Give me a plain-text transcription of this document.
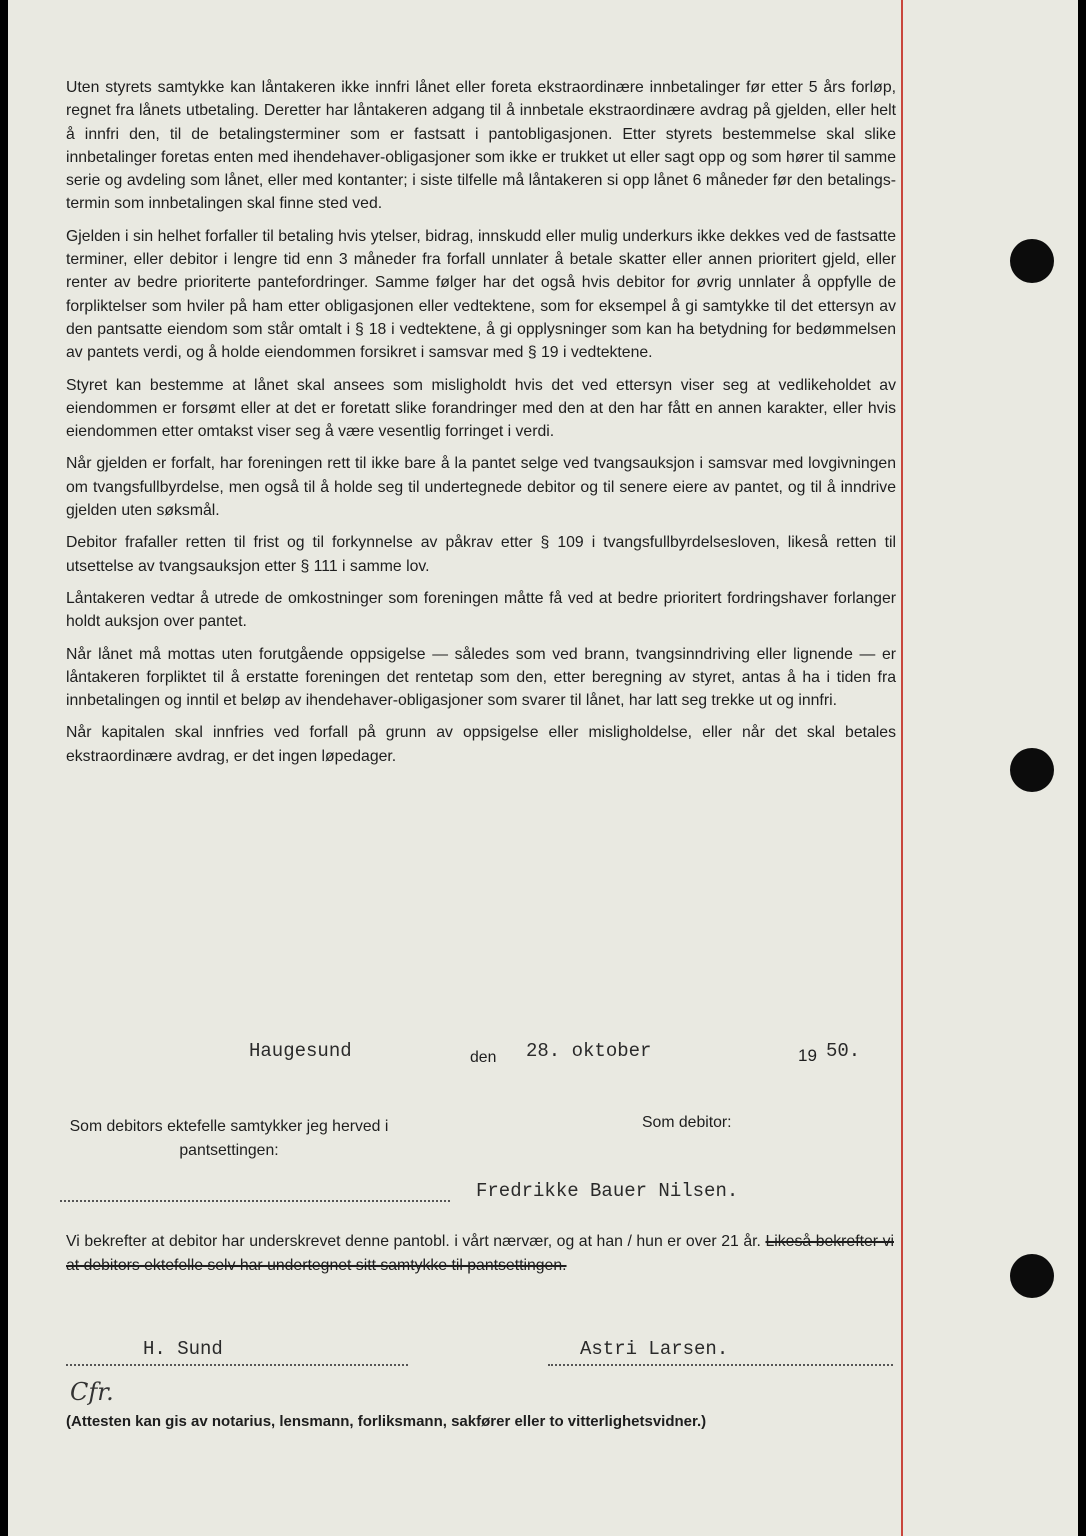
Uten styrets samtykke kan låntakeren ikke innfri lånet eller foreta ekstraordinære innbetalinger før etter 5 års forløp, regnet fra lånets utbetaling. Deretter har låntakeren adgang til å innbetale ekstraordinære avdrag på gjelden, eller helt å innfri den, til de betalingsterminer som er fastsatt i pantobligasjonen. Etter styrets bestemmelse skal slike innbetalinger foretas enten med ihendehaver-obligasjoner som ikke er trukket ut eller sagt opp og som hører til samme serie og avdeling som lånet, eller med kontanter; i siste tilfelle må låntakeren si opp lånet 6 måneder før den betalings-termin som innbetalingen skal finne sted ved.

Gjelden i sin helhet forfaller til betaling hvis ytelser, bidrag, innskudd eller mulig underkurs ikke dekkes ved de fastsatte terminer, eller debitor i lengre tid enn 3 måneder fra forfall unnlater å betale skatter eller annen prioritert gjeld, eller renter av bedre prioriterte pantefordringer. Samme følger har det også hvis debitor for øvrig unnlater å oppfylle de forpliktelser som hviler på ham etter obligasjonen eller vedtektene, som for eksempel å gi samtykke til det ettersyn av den pantsatte eiendom som står omtalt i § 18 i vedtektene, å gi opplysninger som kan ha betydning for bedømmelsen av pantets verdi, og å holde eiendommen forsikret i samsvar med § 19 i vedtektene.

Styret kan bestemme at lånet skal ansees som misligholdt hvis det ved ettersyn viser seg at vedlikeholdet av eiendommen er forsømt eller at det er foretatt slike forandringer med den at den har fått en annen karakter, eller hvis eiendommen etter omtakst viser seg å være vesentlig forringet i verdi.

Når gjelden er forfalt, har foreningen rett til ikke bare å la pantet selge ved tvangsauksjon i samsvar med lovgivningen om tvangsfullbyrdelse, men også til å holde seg til undertegnede debitor og til senere eiere av pantet, og til å inndrive gjelden uten søksmål.

Debitor frafaller retten til frist og til forkynnelse av påkrav etter § 109 i tvangsfullbyrdelsesloven, likeså retten til utsettelse av tvangsauksjon etter § 111 i samme lov.

Låntakeren vedtar å utrede de omkostninger som foreningen måtte få ved at bedre prioritert fordringshaver forlanger holdt auksjon over pantet.

Når lånet må mottas uten forutgående oppsigelse — således som ved brann, tvangsinndriving eller lignende — er låntakeren forpliktet til å erstatte foreningen det rentetap som den, etter beregning av styret, antas å ha i tiden fra innbetalingen og inntil et beløp av ihendehaver-obligasjoner som svarer til lånet, har latt seg trekke ut og innfri.

Når kapitalen skal innfries ved forfall på grunn av oppsigelse eller misligholdelse, eller når det skal betales ekstraordinære avdrag, er det ingen løpedager.

Haugesund	den 28. oktober	19 50.
Som debitors ektefelle samtykker jeg herved i pantsettingen:
Som debitor:
Fredrikke Bauer Nilsen.
Vi bekrefter at debitor har underskrevet denne pantobl. i vårt nærvær, og at han / hun er over 21 år. Likeså bekrefter vi at debitors ektefelle selv har undertegnet sitt samtykke til pantsettingen.
H. Sund	Astri Larsen.
Cfr.
(Attesten kan gis av notarius, lensmann, forliksmann, sakfører eller to vitterlighetsvidner.)
